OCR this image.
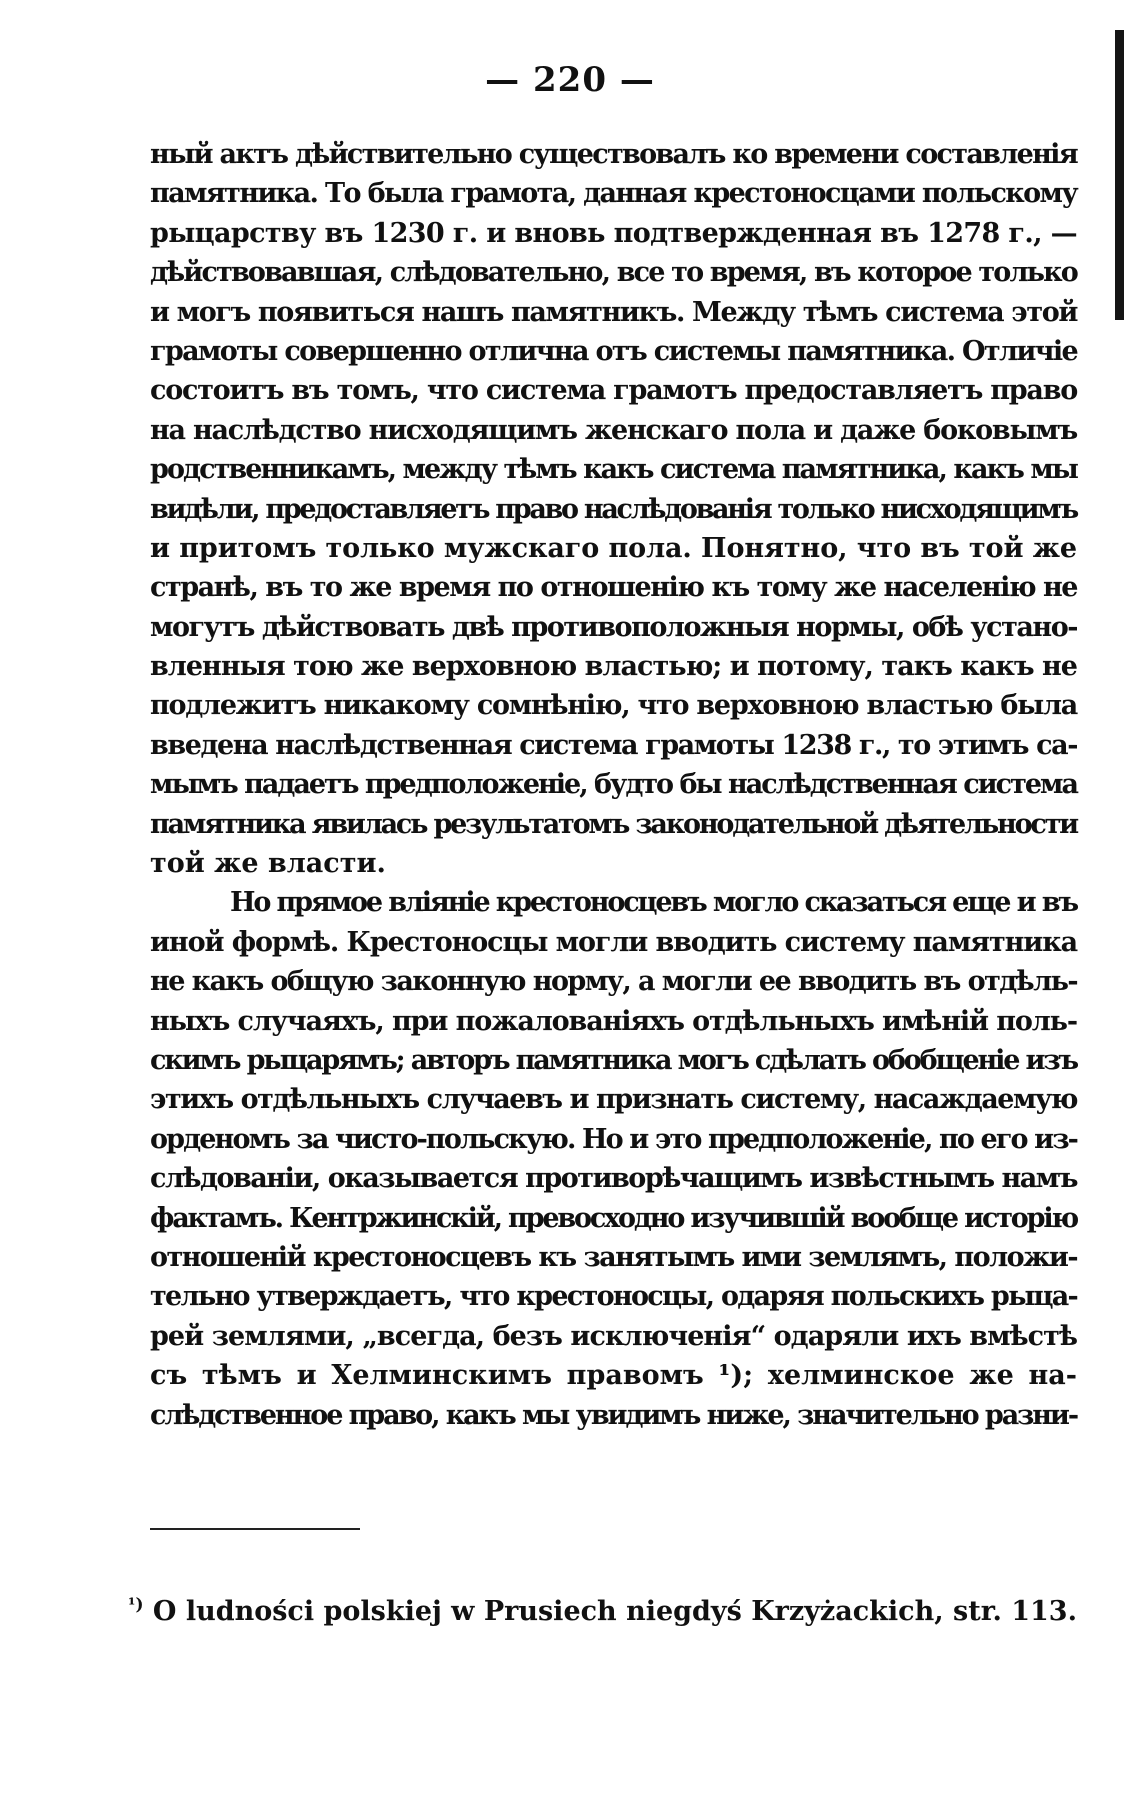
— 220 —
ный актъ дѣйствительно существовалъ ко времени составленія
памятника. То была грамота, данная крестоносцами польскому
рыцарству въ 1230 г. и вновь подтвержденная въ 1278 г., —
дѣйствовавшая, слѣдовательно, все то время, въ которое только
и могъ появиться нашъ памятникъ. Между тѣмъ система этой
грамоты совершенно отлична отъ системы памятника. Отличіе
состоитъ въ томъ, что система грамотъ предоставляетъ право
на наслѣдство нисходящимъ женскаго пола и даже боковымъ
родственникамъ, между тѣмъ какъ система памятника, какъ мы
видѣли, предоставляетъ право наслѣдованія только нисходящимъ
и притомъ только мужскаго пола. Понятно, что въ той же
странѣ, въ то же время по отношенію къ тому же населенію не
могутъ дѣйствовать двѣ противоположныя нормы, обѣ устано-
вленныя тою же верховною властью; и потому, такъ какъ не
подлежитъ никакому сомнѣнію, что верховною властью была
введена наслѣдственная система грамоты 1238 г., то этимъ са-
мымъ падаетъ предположеніе, будто бы наслѣдственная система
памятника явилась результатомъ законодательной дѣятельности
той же власти.
Но прямое вліяніе крестоносцевъ могло сказаться еще и въ
иной формѣ. Крестоносцы могли вводить систему памятника
не какъ общую законную норму, а могли ее вводить въ отдѣль-
ныхъ случаяхъ, при пожалованіяхъ отдѣльныхъ имѣній поль-
скимъ рыцарямъ; авторъ памятника могъ сдѣлать обобщеніе изъ
этихъ отдѣльныхъ случаевъ и признать систему, насаждаемую
орденомъ за чисто-польскую. Но и это предположеніе, по его из-
слѣдованіи, оказывается противорѣчащимъ извѣстнымъ намъ
фактамъ. Кентржинскій, превосходно изучившій вообще исторію
отношеній крестоносцевъ къ занятымъ ими землямъ, положи-
тельно утверждаетъ, что крестоносцы, одаряя польскихъ рыца-
рей землями, „всегда, безъ исключенія“ одаряли ихъ вмѣстѣ
съ тѣмъ и Хелминскимъ правомъ ¹); хелминское же на-
слѣдственное право, какъ мы увидимъ ниже, значительно разни-
$^{^1)}$ O ludności polskiej w Prusiech niegdyś Krzyżackich, str. 113.
